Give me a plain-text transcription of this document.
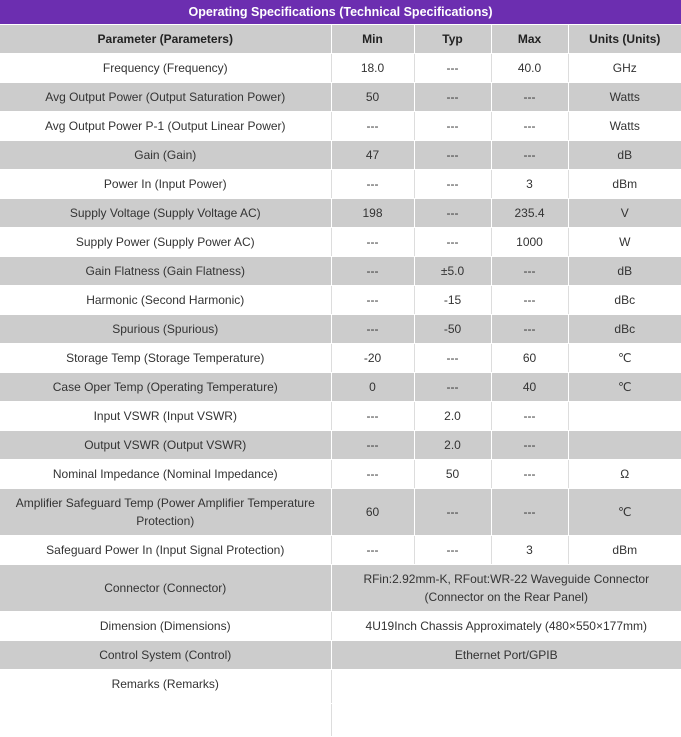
Operating Specifications (Technical Specifications)				
Parameter (Parameters)	Min	Typ	Max	Units (Units)
Frequency (Frequency)	18.0	---	40.0	GHz
Avg Output Power (Output Saturation Power)	50	---	---	Watts
Avg Output Power P-1 (Output Linear Power)	---	---	---	Watts
Gain (Gain)	47	---	---	dB
Power In (Input Power)	---	---	3	dBm
Supply Voltage (Supply Voltage AC)	198	---	235.4	V
Supply Power (Supply Power AC)	---	---	1000	W
Gain Flatness (Gain Flatness)	---	±5.0	---	dB
Harmonic (Second Harmonic)	---	-15	---	dBc
Spurious (Spurious)	---	-50	---	dBc
Storage Temp (Storage Temperature)	-20	---	60	℃
Case Oper Temp (Operating Temperature)	0	---	40	℃
Input VSWR (Input VSWR)	---	2.0	---	
Output VSWR (Output VSWR)	---	2.0	---	
Nominal Impedance (Nominal Impedance)	---	50	---	Ω
Amplifier Safeguard Temp (Power Amplifier Temperature Protection)	60	---	---	℃
Safeguard Power In (Input Signal Protection)	---	---	3	dBm
Connector (Connector)	RFin:2.92mm-K, RFout:WR-22 Waveguide Connector (Connector on the Rear Panel)			
Dimension (Dimensions)	4U19Inch Chassis Approximately (480×550×177mm)			
Control System (Control)	Ethernet Port/GPIB			
Remarks (Remarks)				
